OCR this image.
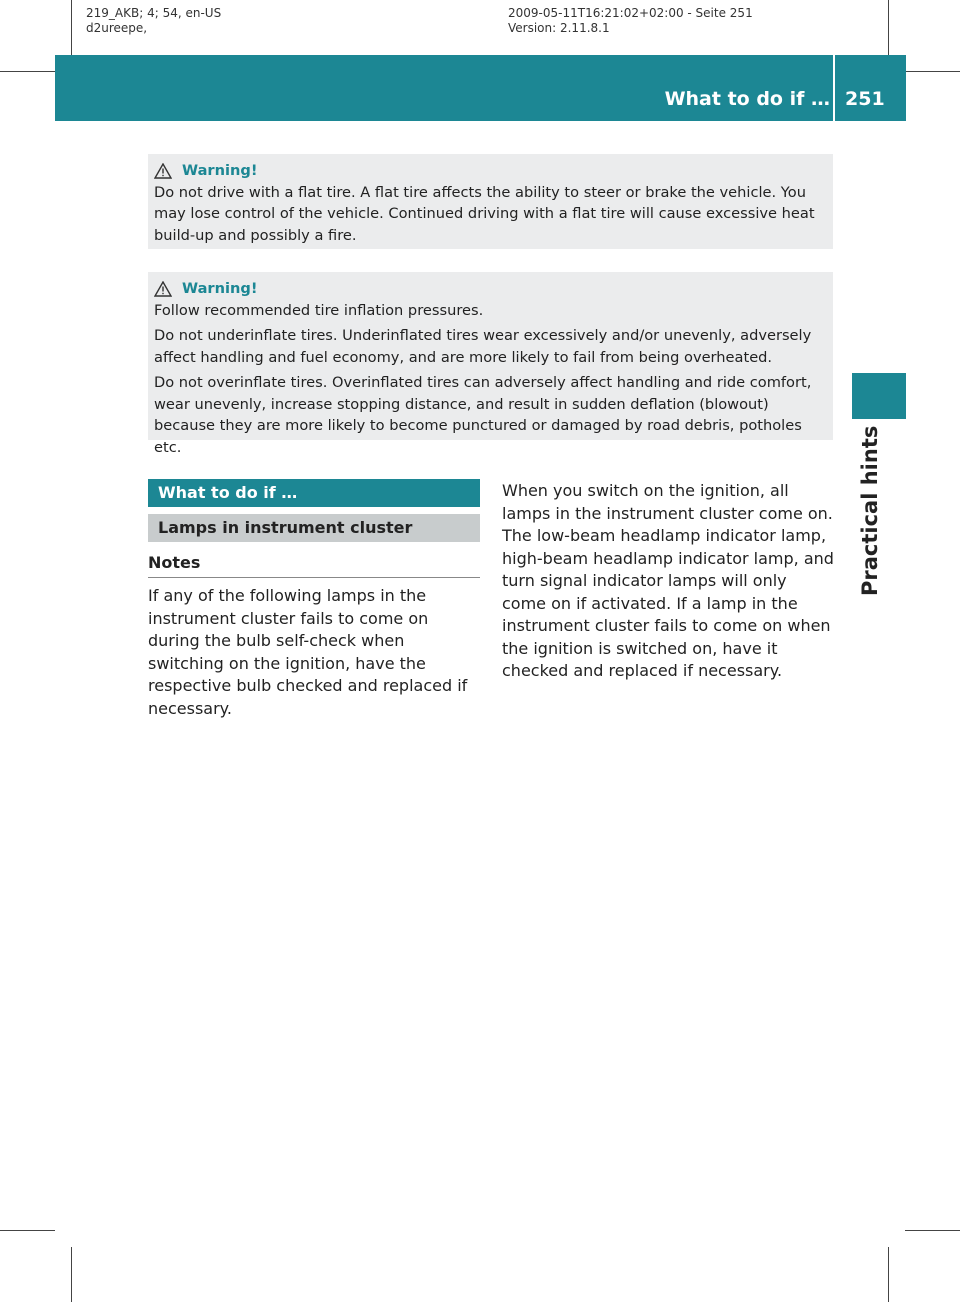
219_AKB; 4; 54, en-US
d2ureepe,
2009-05-11T16:21:02+02:00 - Seite 251
Version: 2.11.8.1
What to do if … 251
Practical hints
Warning!

Do not drive with a flat tire. A flat tire affects the ability to steer or brake the vehicle. You may lose control of the vehicle. Continued driving with a flat tire will cause excessive heat build-up and possibly a fire.

Warning!

Follow recommended tire inflation pressures.

Do not underinflate tires. Underinflated tires wear excessively and/or unevenly, adversely affect handling and fuel economy, and are more likely to fail from being overheated.

Do not overinflate tires. Overinflated tires can adversely affect handling and ride comfort, wear unevenly, increase stopping distance, and result in sudden deflation (blowout) because they are more likely to become punctured or damaged by road debris, potholes etc.

What to do if …
Lamps in instrument cluster
Notes
If any of the following lamps in the instrument cluster fails to come on during the bulb self-check when switching on the ignition, have the respective bulb checked and replaced if necessary.
When you switch on the ignition, all lamps in the instrument cluster come on. The low-beam headlamp indicator lamp, high-beam headlamp indicator lamp, and turn signal indicator lamps will only come on if activated. If a lamp in the instrument cluster fails to come on when the ignition is switched on, have it checked and replaced if necessary.
